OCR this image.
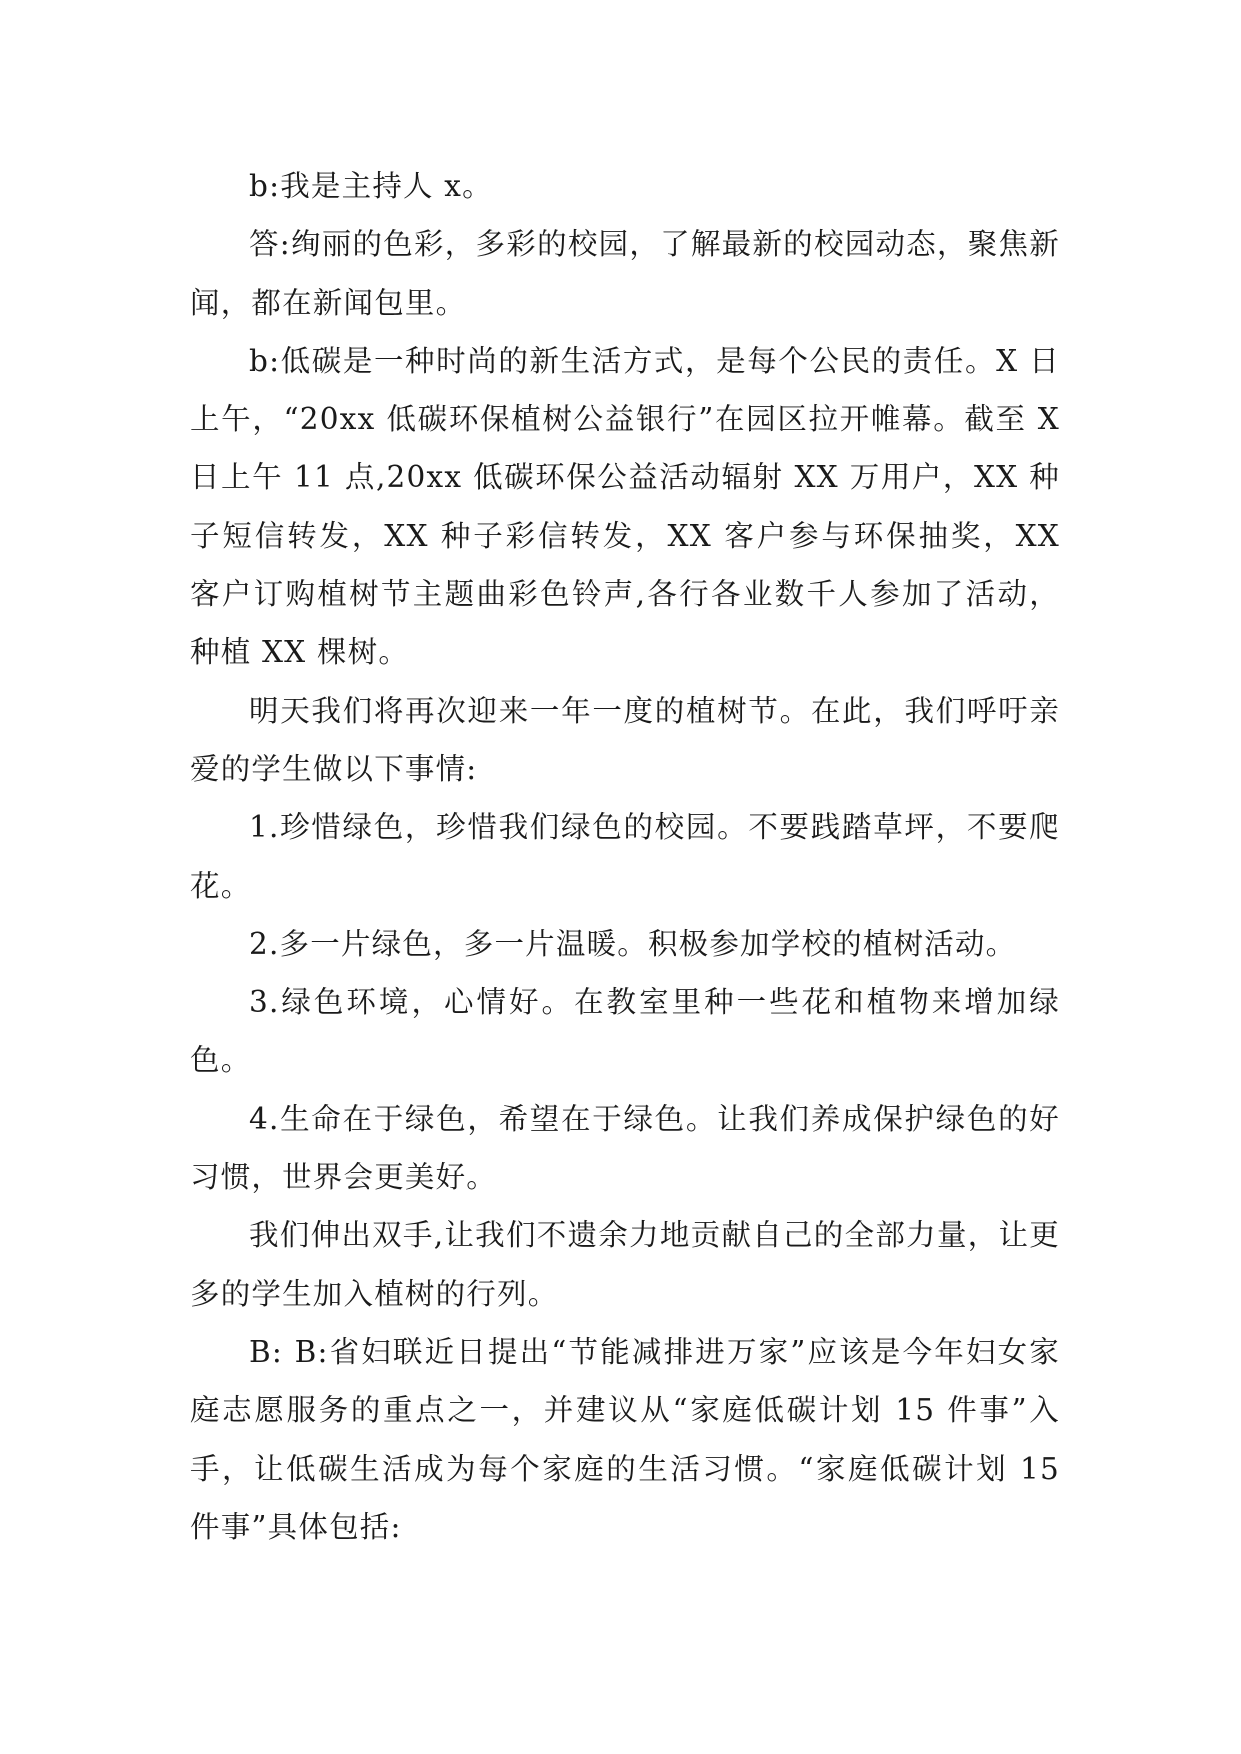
b:我是主持人 x。

答:绚丽的色彩，多彩的校园，了解最新的校园动态，聚焦新闻，都在新闻包里。

b:低碳是一种时尚的新生活方式，是每个公民的责任。X 日上午，“20xx 低碳环保植树公益银行”在园区拉开帷幕。截至 X 日上午 11 点,20xx 低碳环保公益活动辐射 XX 万用户，XX 种子短信转发，XX 种子彩信转发，XX 客户参与环保抽奖，XX 客户订购植树节主题曲彩色铃声,各行各业数千人参加了活动，种植 XX 棵树。

明天我们将再次迎来一年一度的植树节。在此，我们呼吁亲爱的学生做以下事情:

1.珍惜绿色，珍惜我们绿色的校园。不要践踏草坪，不要爬花。

2.多一片绿色，多一片温暖。积极参加学校的植树活动。

3.绿色环境，心情好。在教室里种一些花和植物来增加绿色。

4.生命在于绿色，希望在于绿色。让我们养成保护绿色的好习惯，世界会更美好。

我们伸出双手,让我们不遗余力地贡献自己的全部力量，让更多的学生加入植树的行列。

B: B:省妇联近日提出“节能减排进万家”应该是今年妇女家庭志愿服务的重点之一，并建议从“家庭低碳计划 15 件事”入手，让低碳生活成为每个家庭的生活习惯。“家庭低碳计划 15 件事”具体包括:
